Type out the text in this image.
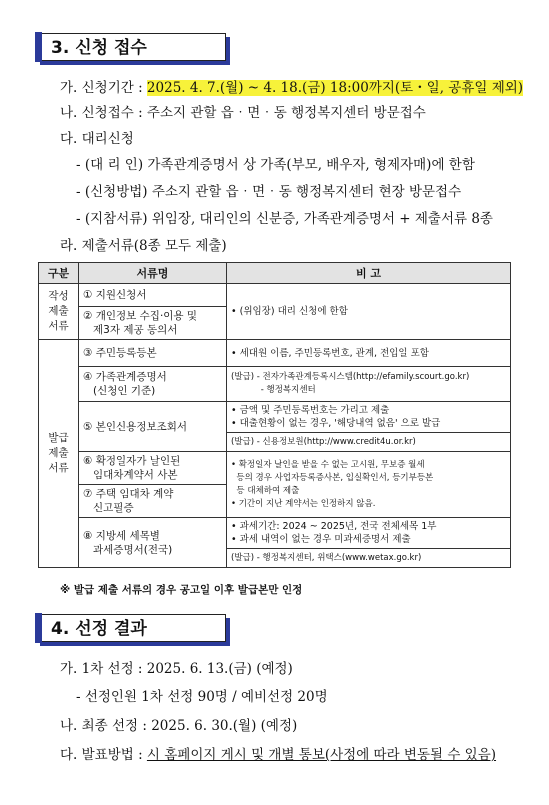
3. 신청 접수
가. 신청기간 : 2025. 4. 7.(월) ~ 4. 18.(금) 18:00까지(토・일, 공휴일 제외)
나. 신청접수 : 주소지 관할 읍‧면‧동 행정복지센터 방문접수
다. 대리신청
- (대 리 인) 가족관계증명서 상 가족(부모, 배우자, 형제자매)에 한함
- (신청방법) 주소지 관할 읍‧면‧동 행정복지센터 현장 방문접수
- (지참서류) 위임장, 대리인의 신분증, 가족관계증명서 + 제출서류 8종
라. 제출서류(8종 모두 제출)
구분	서류명	비 고
작성
제출
서류	① 지원신청서	• (위임장) 대리 신청에 한함
	② 개인정보 수집‧이용 및
제3자 제공 동의서	
발급
제출
서류	③ 주민등록등본	• 세대원 이름, 주민등록번호, 관계, 전입일 포함
	④ 가족관계증명서
(신청인 기준)	(발급) - 전자가족관계등록시스템(http://efamily.scourt.go.kr)
- 행정복지센터
	⑤ 본인신용정보조회서	• 금액 및 주민등록번호는 가리고 제출
• 대출현황이 없는 경우, '해당내역 없음' 으로 발급
		(발급) - 신용정보원(http://www.credit4u.or.kr)
	⑥ 확정일자가 날인된
임대차계약서 사본	• 확정일자 날인을 받을 수 없는 고시원, 무보증 월세
등의 경우 사업자등록증사본, 입실확인서, 등기부등본
등 대체하여 제출
• 기간이 지난 계약서는 인정하지 않음.
	⑦ 주택 임대차 계약
신고필증	
	⑧ 지방세 세목별
과세증명서(전국)	• 과세기간: 2024 ~ 2025년, 전국 전체세목 1부
• 과세 내역이 없는 경우 미과세증명서 제출
		(발급) - 행정복지센터, 위택스(www.wetax.go.kr)
※ 발급 제출 서류의 경우 공고일 이후 발급본만 인정
4. 선정 결과
가. 1차 선정 : 2025. 6. 13.(금) (예정)
- 선정인원 1차 선정 90명 / 예비선정 20명
나. 최종 선정 : 2025. 6. 30.(월) (예정)
다. 발표방법 : 시 홈페이지 게시 및 개별 통보(사정에 따라 변동될 수 있음)
